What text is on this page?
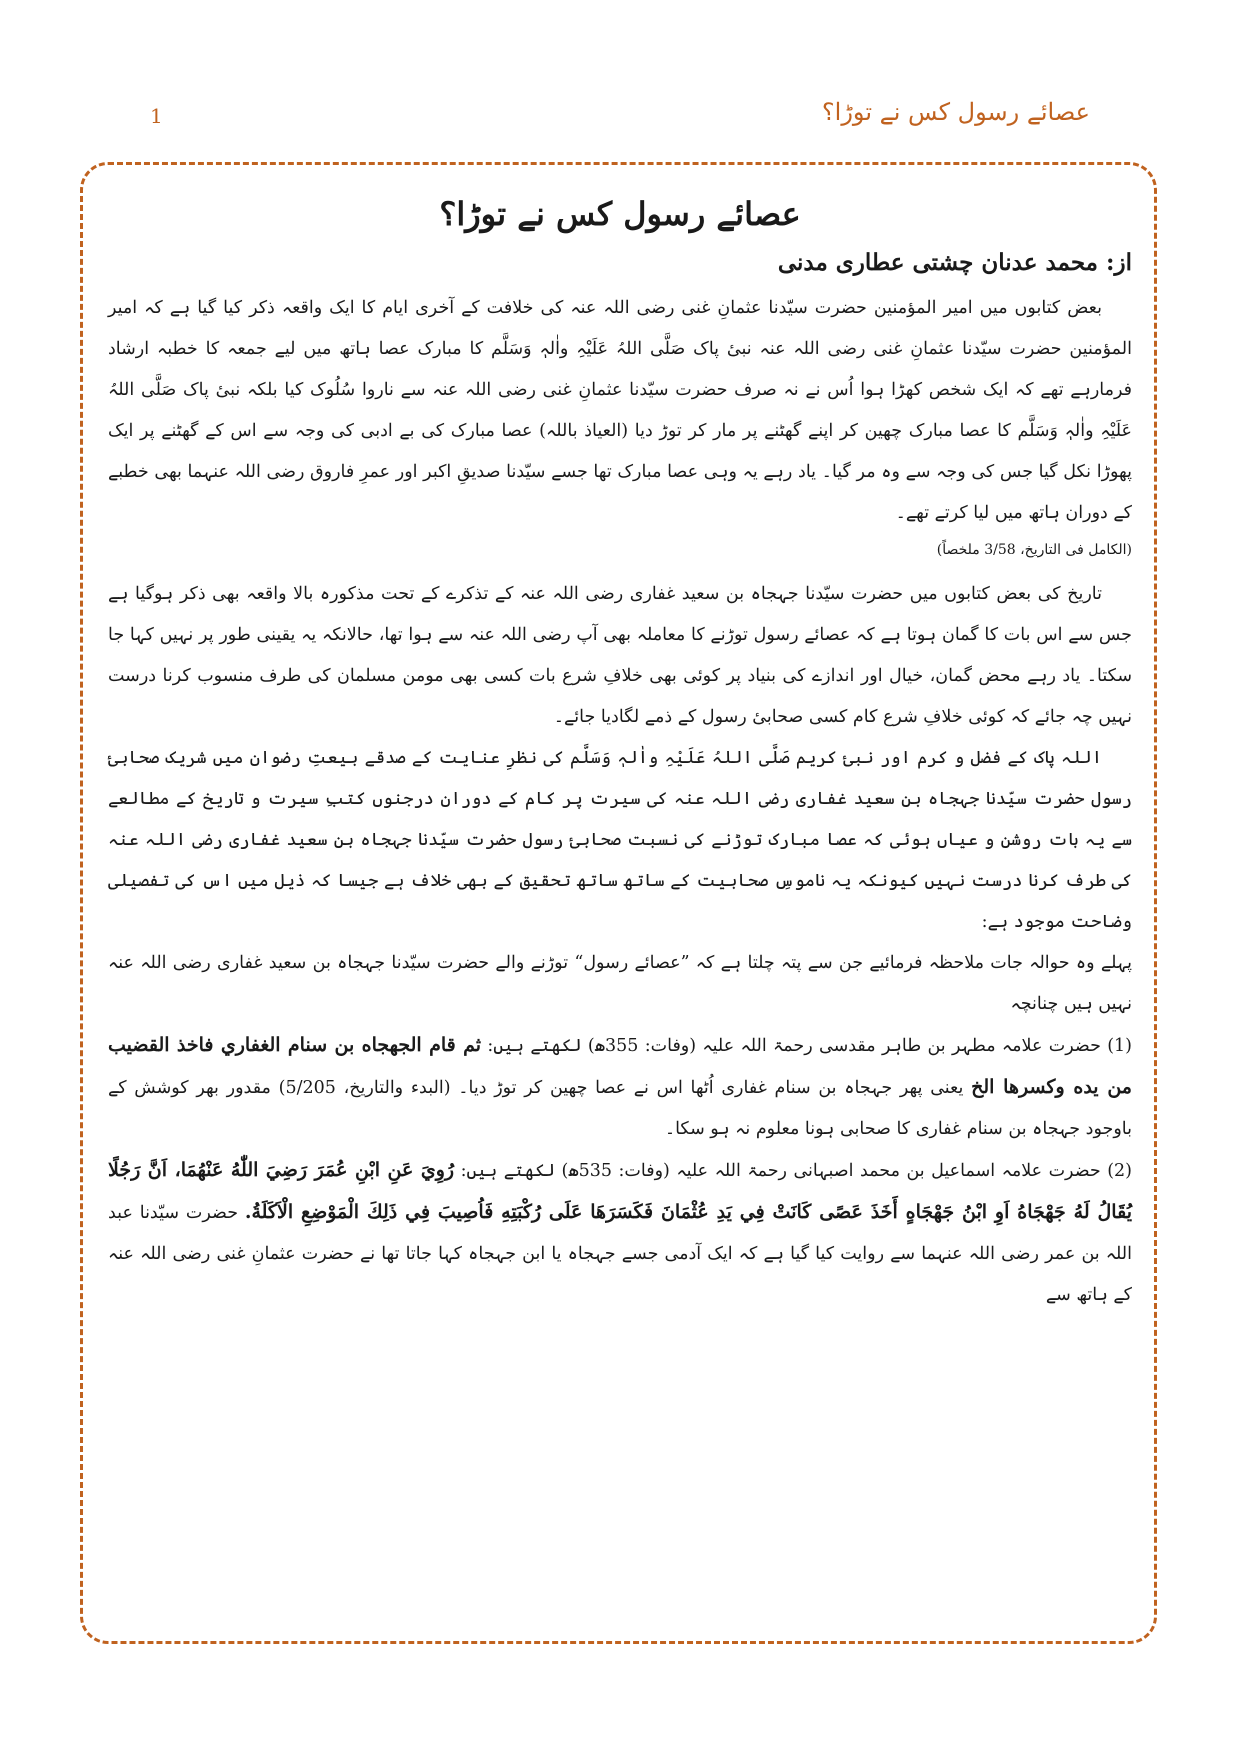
1	عصائے رسول کس نے توڑا؟
عصائے رسول کس نے توڑا؟
از: محمد عدنان چشتی عطاری مدنی

بعض کتابوں میں امیر المؤمنین حضرت سیّدنا عثمانِ غنی رضی اللہ عنہ کی خلافت کے آخری ایام کا ایک واقعہ ذکر کیا گیا ہے کہ امیر المؤمنین حضرت سیّدنا عثمانِ غنی رضی اللہ عنہ نبیٔ پاک صَلَّی اللہُ عَلَیْہِ واٰلہٖ وَسَلَّم کا مبارک عصا ہاتھ میں لیے جمعہ کا خطبہ ارشاد فرمارہے تھے کہ ایک شخص کھڑا ہوا اُس نے نہ صرف حضرت سیّدنا عثمانِ غنی رضی اللہ عنہ سے ناروا سُلُوک کیا بلکہ نبیٔ پاک صَلَّی اللہُ عَلَیْہِ واٰلہٖ وَسَلَّم کا عصا مبارک چھین کر اپنے گھٹنے پر مار کر توڑ دیا (العیاذ باللہ) عصا مبارک کی بے ادبی کی وجہ سے اس کے گھٹنے پر ایک پھوڑا نکل گیا جس کی وجہ سے وہ مر گیا۔ یاد رہے یہ وہی عصا مبارک تھا جسے سیّدنا صدیقِ اکبر اور عمرِ فاروق رضی اللہ عنہما بھی خطبے کے دوران ہاتھ میں لیا کرتے تھے۔

(الکامل فی التاریخ، 3/58 ملخصاً)

تاریخ کی بعض کتابوں میں حضرت سیّدنا جہجاہ بن سعید غفاری رضی اللہ عنہ کے تذکرے کے تحت مذکورہ بالا واقعہ بھی ذکر ہوگیا ہے جس سے اس بات کا گمان ہوتا ہے کہ عصائے رسول توڑنے کا معاملہ بھی آپ رضی اللہ عنہ سے ہوا تھا، حالانکہ یہ یقینی طور پر نہیں کہا جا سکتا۔ یاد رہے محض گمان، خیال اور اندازے کی بنیاد پر کوئی بھی خلافِ شرع بات کسی بھی مومن مسلمان کی طرف منسوب کرنا درست نہیں چہ جائے کہ کوئی خلافِ شرع کام کسی صحابیٔ رسول کے ذمے لگادیا جائے۔

اللہ پاک کے فضل و کرم اور نبیٔ کریم صَلَّی اللہُ عَلَیْہِ واٰلہٖ وَسَلَّم کی نظرِ عنایت کے صدقے بیعتِ رضوان میں شریک صحابیٔ رسول حضرت سیّدنا جہجاہ بن سعید غفاری رضی اللہ عنہ کی سیرت پر کام کے دوران درجنوں کتبِ سیرت و تاریخ کے مطالعے سے یہ بات روشن و عیاں ہوئی کہ عصا مبارک توڑنے کی نسبت صحابیٔ رسول حضرت سیّدنا جہجاہ بن سعید غفاری رضی اللہ عنہ کی طرف کرنا درست نہیں کیونکہ یہ ناموسِ صحابیت کے ساتھ ساتھ تحقیق کے بھی خلاف ہے جیسا کہ ذیل میں اس کی تفصیلی وضاحت موجود ہے:

پہلے وہ حوالہ جات ملاحظہ فرمائیے جن سے پتہ چلتا ہے کہ ”عصائے رسول“ توڑنے والے حضرت سیّدنا جہجاہ بن سعید غفاری رضی اللہ عنہ نہیں ہیں چنانچہ

(1) حضرت علامہ مطہر بن طاہر مقدسی رحمۃ اللہ علیہ (وفات: 355ھ) لکھتے ہیں: ثم قام الجهجاه بن سنام الغفاري فاخذ القضيب من يده وكسرها الخ یعنی پھر جہجاہ بن سنام غفاری اُٹھا اس نے عصا چھین کر توڑ دیا۔ (البدء والتاریخ، 5/205) مقدور بھر کوشش کے باوجود جہجاہ بن سنام غفاری کا صحابی ہونا معلوم نہ ہو سکا۔

(2) حضرت علامہ اسماعیل بن محمد اصبہانی رحمۃ اللہ علیہ (وفات: 535ھ) لکھتے ہیں: رُوِيَ عَنِ ابْنِ عُمَرَ رَضِيَ اللّٰهُ عَنْهُمَا، اَنَّ رَجُلًا يُقَالُ لَهُ جَهْجَاهُ اَوِ ابْنُ جَهْجَاهٍ أَخَذَ عَصًى كَانَتْ فِي يَدِ عُثْمَانَ فَكَسَرَهَا عَلَى رُكْبَتِهِ فَاُصِيبَ فِي ذَلِكَ الْمَوْضِعِ الْاَكَلَةُ. حضرت سیّدنا عبد اللہ بن عمر رضی اللہ عنہما سے روایت کیا گیا ہے کہ ایک آدمی جسے جہجاہ یا ابن جہجاہ کہا جاتا تھا نے حضرت عثمانِ غنی رضی اللہ عنہ کے ہاتھ سے
